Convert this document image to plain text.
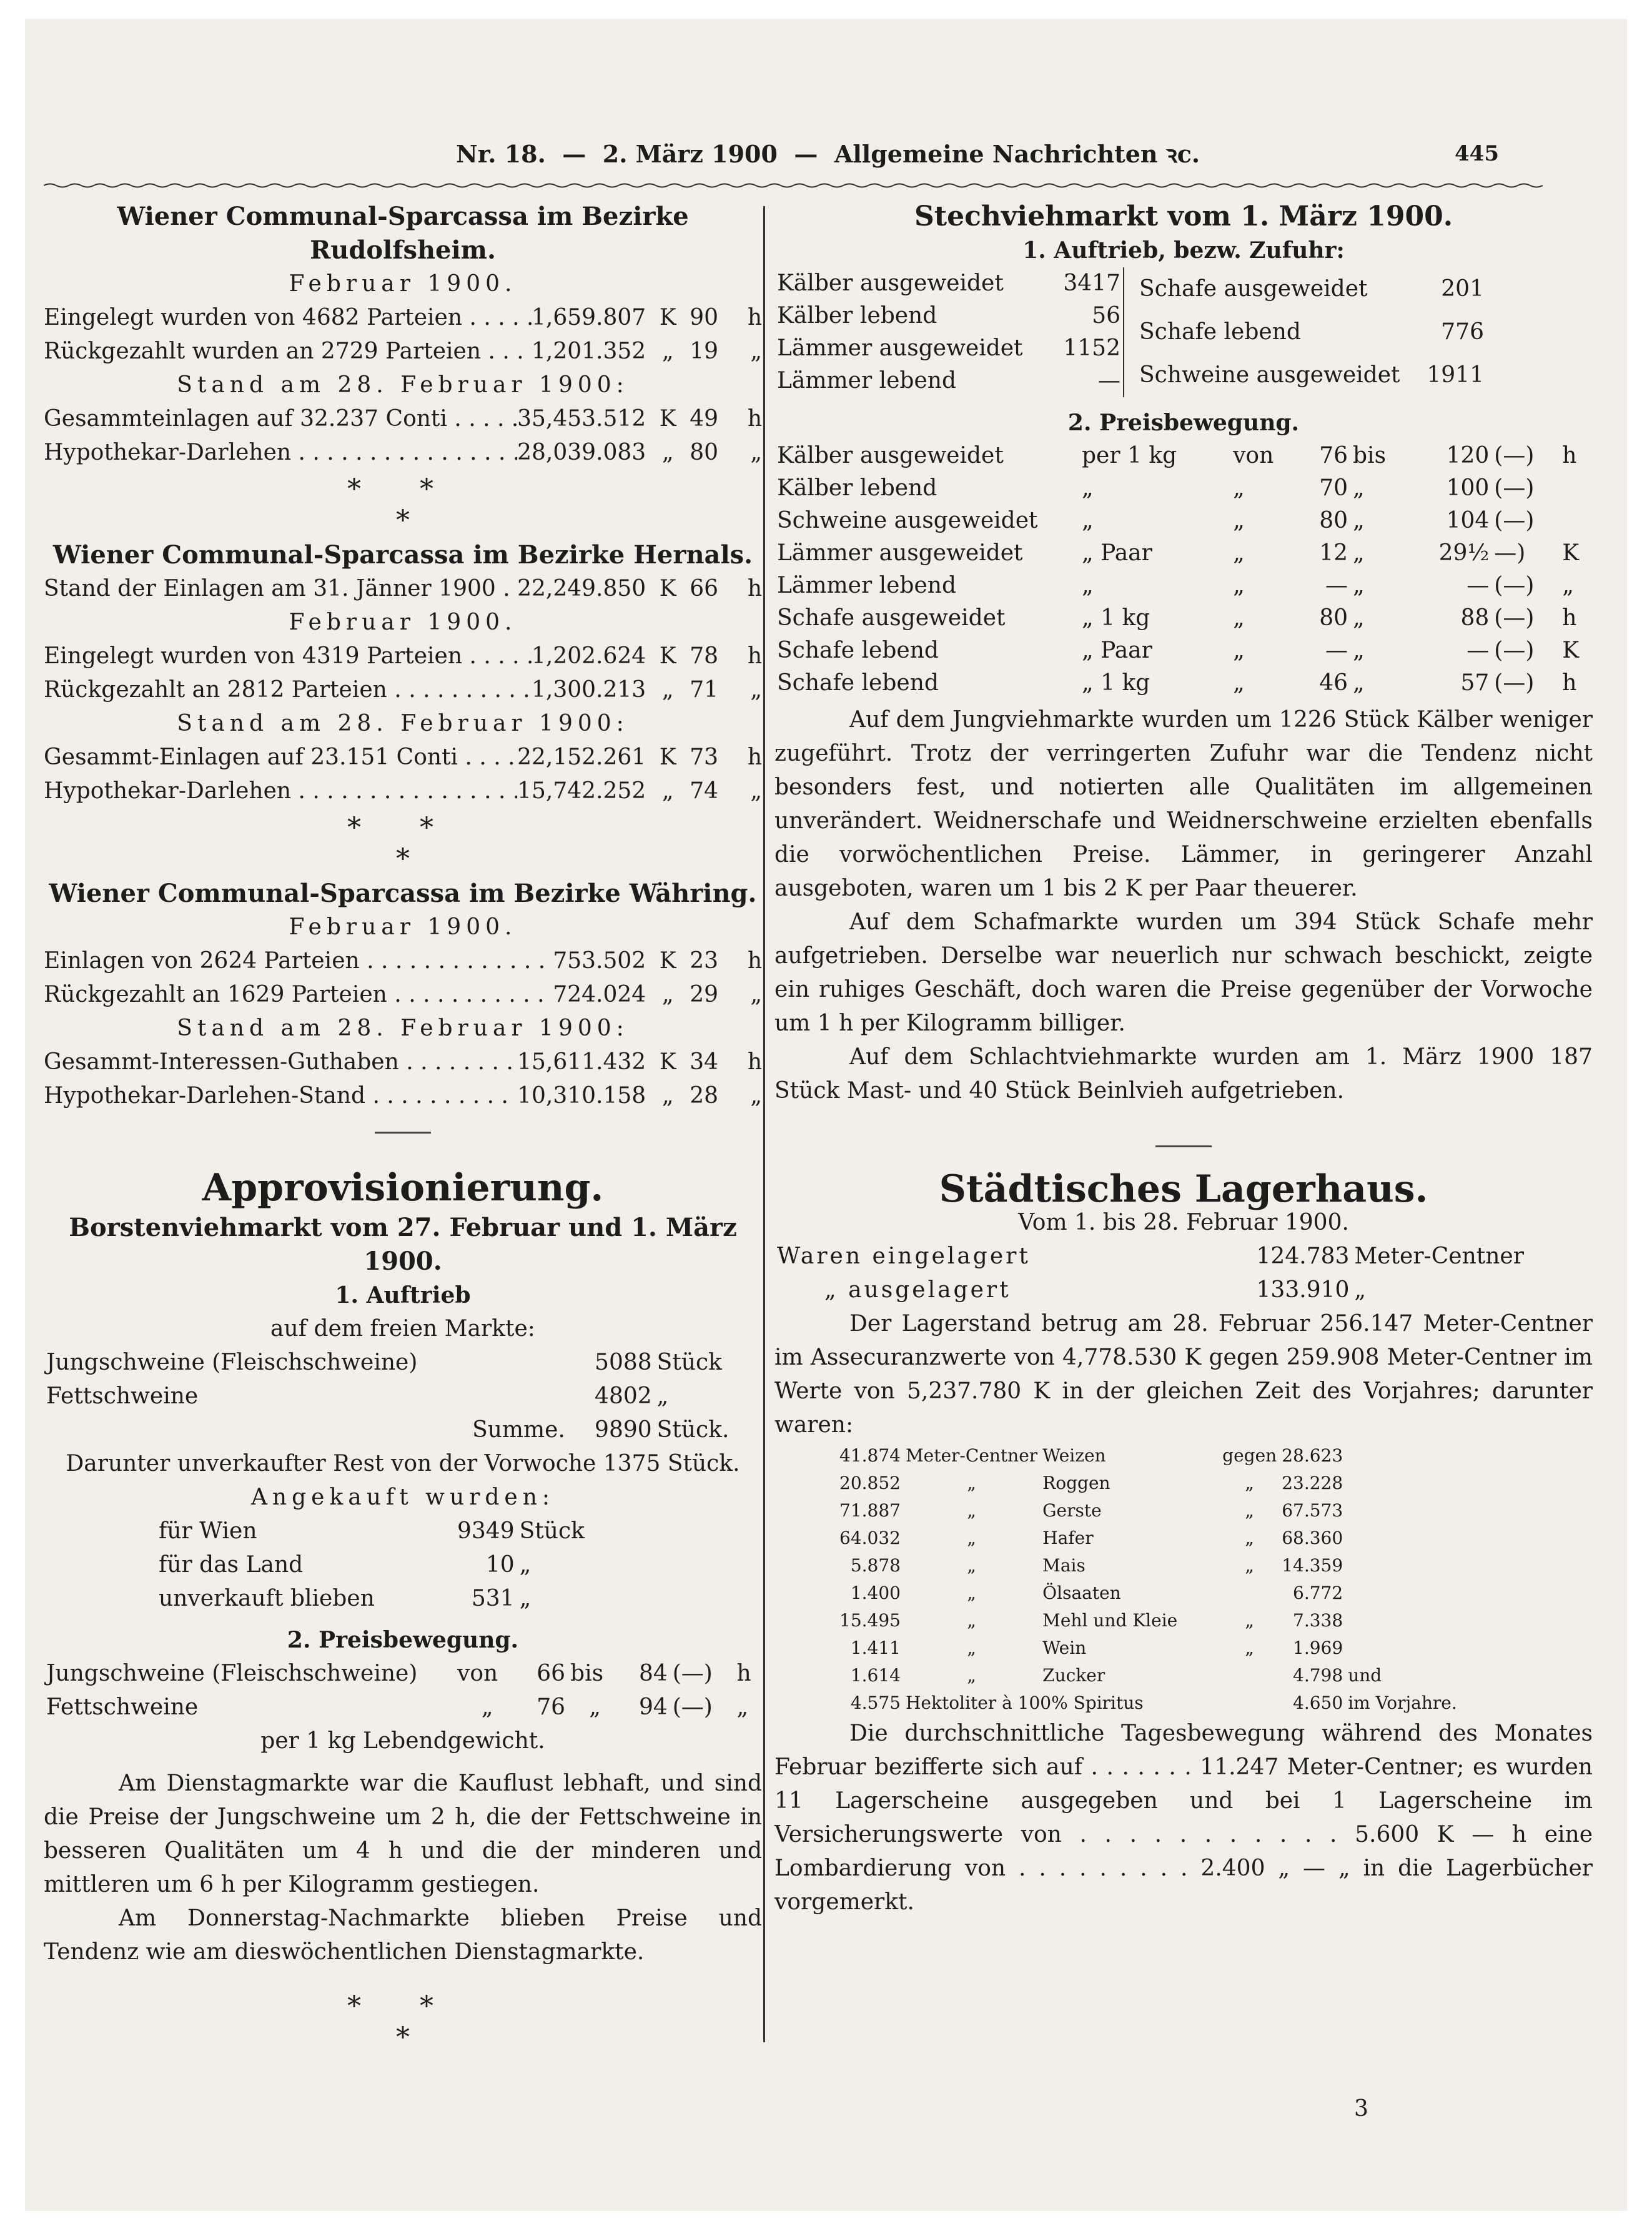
Nr. 18.  —  2. März 1900  —  Allgemeine Nachrichten ꝛc.	445
Wiener Communal-Sparcassa im Bezirke Rudolfsheim.
Februar 1900.
Eingelegt wurden von 4682 Parteien . . .	1,659.807 K 90	h
Rückgezahlt wurden an 2729 Parteien . . .	1,201.352 „ 19	„
Stand am 28. Februar 1900:
Gesammteinlagen auf 32.237 Conti . . .	35,453.512 K 49	h
Hypothekar-Darlehen . . .	28,039.083 „ 80	„
* *
*
Wiener Communal-Sparcassa im Bezirke Hernals.
Stand der Einlagen am 31. Jänner 1900 . . . 22,249.850 K 66	h
Februar 1900.
Eingelegt wurden von 4319 Parteien . . .	1,202.624 K 78	h
Rückgezahlt an 2812 Parteien . . .	1,300.213 „ 71	„
Stand am 28. Februar 1900:
Gesammt-Einlagen auf 23.151 Conti . . .	22,152.261 K 73	h
Hypothekar-Darlehen . . .	15,742.252 „ 74	„
* *
*
Wiener Communal-Sparcassa im Bezirke Währing.
Februar 1900.
Einlagen von 2624 Parteien . . .	753.502 K 23	h
Rückgezahlt an 1629 Parteien . . .	724.024 „ 29	„
Stand am 28. Februar 1900:
Gesammt-Interessen-Guthaben . . .	15,611.432 K 34	h
Hypothekar-Darlehen-Stand . . .	10,310.158 „ 28	„
Approvisionierung.
Borstenviehmarkt vom 27. Februar und 1. März 1900.
1. Auftrieb
auf dem freien Markte:
Jungschweine (Fleischschweine)	5088	Stück
Fettschweine	4802	„
Summe.	9890	Stück.
Darunter unverkaufter Rest von der Vorwoche 1375 Stück.
Angekauft wurden:
für Wien	9349	Stück
für das Land	10	„
unverkauft blieben	531	„
2. Preisbewegung.
Jungschweine (Fleischschweine)	von	66	bis	84	(—)	h
Fettschweine	„	76	„	94	(—)	„
per 1 kg Lebendgewicht.

Am Dienstagmarkte war die Kauflust lebhaft, und sind die Preise der Jungschweine um 2 h, die der Fettschweine in besseren Qualitäten um 4 h und die der minderen und mittleren um 6 h per Kilogramm gestiegen.

Am Donnerstag-Nachmarkte blieben Preise und Tendenz wie am dieswöchentlichen Dienstagmarkte.

* *
*
Stechviehmarkt vom 1. März 1900.
1. Auftrieb, bezw. Zufuhr:
Kälber ausgeweidet	3417
Kälber lebend	56
Lämmer ausgeweidet	1152
Lämmer lebend	—
Schafe ausgeweidet	201
Schafe lebend	776
Schweine ausgeweidet	1911
2. Preisbewegung.
Kälber ausgeweidet	per 1 kg	von	76	bis	120	(—)	h
Kälber lebend	„	„	70	„	100	(—)	
Schweine ausgeweidet	„	„	80	„	104	(—)	
Lämmer ausgeweidet	„ Paar	„	12	„	29½	—)	K
Lämmer lebend	„	„	—	„	—	(—)	„
Schafe ausgeweidet	„ 1 kg	„	80	„	88	(—)	h
Schafe lebend	„ Paar	„	—	„	—	(—)	K
Schafe lebend	„ 1 kg	„	46	„	57	(—)	h

Auf dem Jungviehmarkte wurden um 1226 Stück Kälber weniger zugeführt. Trotz der verringerten Zufuhr war die Tendenz nicht besonders fest, und notierten alle Qualitäten im allgemeinen unverändert. Weidnerschafe und Weidnerschweine erzielten ebenfalls die vorwöchentlichen Preise. Lämmer, in geringerer Anzahl ausgeboten, waren um 1 bis 2 K per Paar theuerer.

Auf dem Schafmarkte wurden um 394 Stück Schafe mehr aufgetrieben. Derselbe war neuerlich nur schwach beschickt, zeigte ein ruhiges Geschäft, doch waren die Preise gegenüber der Vorwoche um 1 h per Kilogramm billiger.

Auf dem Schlachtviehmarkte wurden am 1. März 1900 187 Stück Mast- und 40 Stück Beinlvieh aufgetrieben.

Städtisches Lagerhaus.
Vom 1. bis 28. Februar 1900.
Waren eingelagert	124.783	Meter-Centner
„ ausgelagert	133.910	„

Der Lagerstand betrug am 28. Februar 256.147 Meter-Centner im Assecuranzwerte von 4,778.530 K gegen 259.908 Meter-Centner im Werte von 5,237.780 K in der gleichen Zeit des Vorjahres; darunter waren:

41.874	Meter-Centner	Weizen	gegen	28.623	
20.852	„	Roggen	„	23.228	
71.887	„	Gerste	„	67.573	
64.032	„	Hafer	„	68.360	
5.878	„	Mais	„	14.359	
1.400	„	Ölsaaten		6.772	
15.495	„	Mehl und Kleie	„	7.338	
1.411	„	Wein	„	1.969	
1.614	„	Zucker		4.798	und
4.575	Hektoliter à 100% Spiritus			4.650	im Vorjahre.

Die durchschnittliche Tagesbewegung während des Monates Februar bezifferte sich auf . . . . . . . 11.247 Meter-Centner; es wurden 11 Lagerscheine ausgegeben und bei 1 Lagerscheine im Versicherungswerte von . . . . . . . . . . . 5.600 K — h eine Lombardierung von . . . . . . . . . 2.400 „ — „ in die Lagerbücher vorgemerkt.

3
